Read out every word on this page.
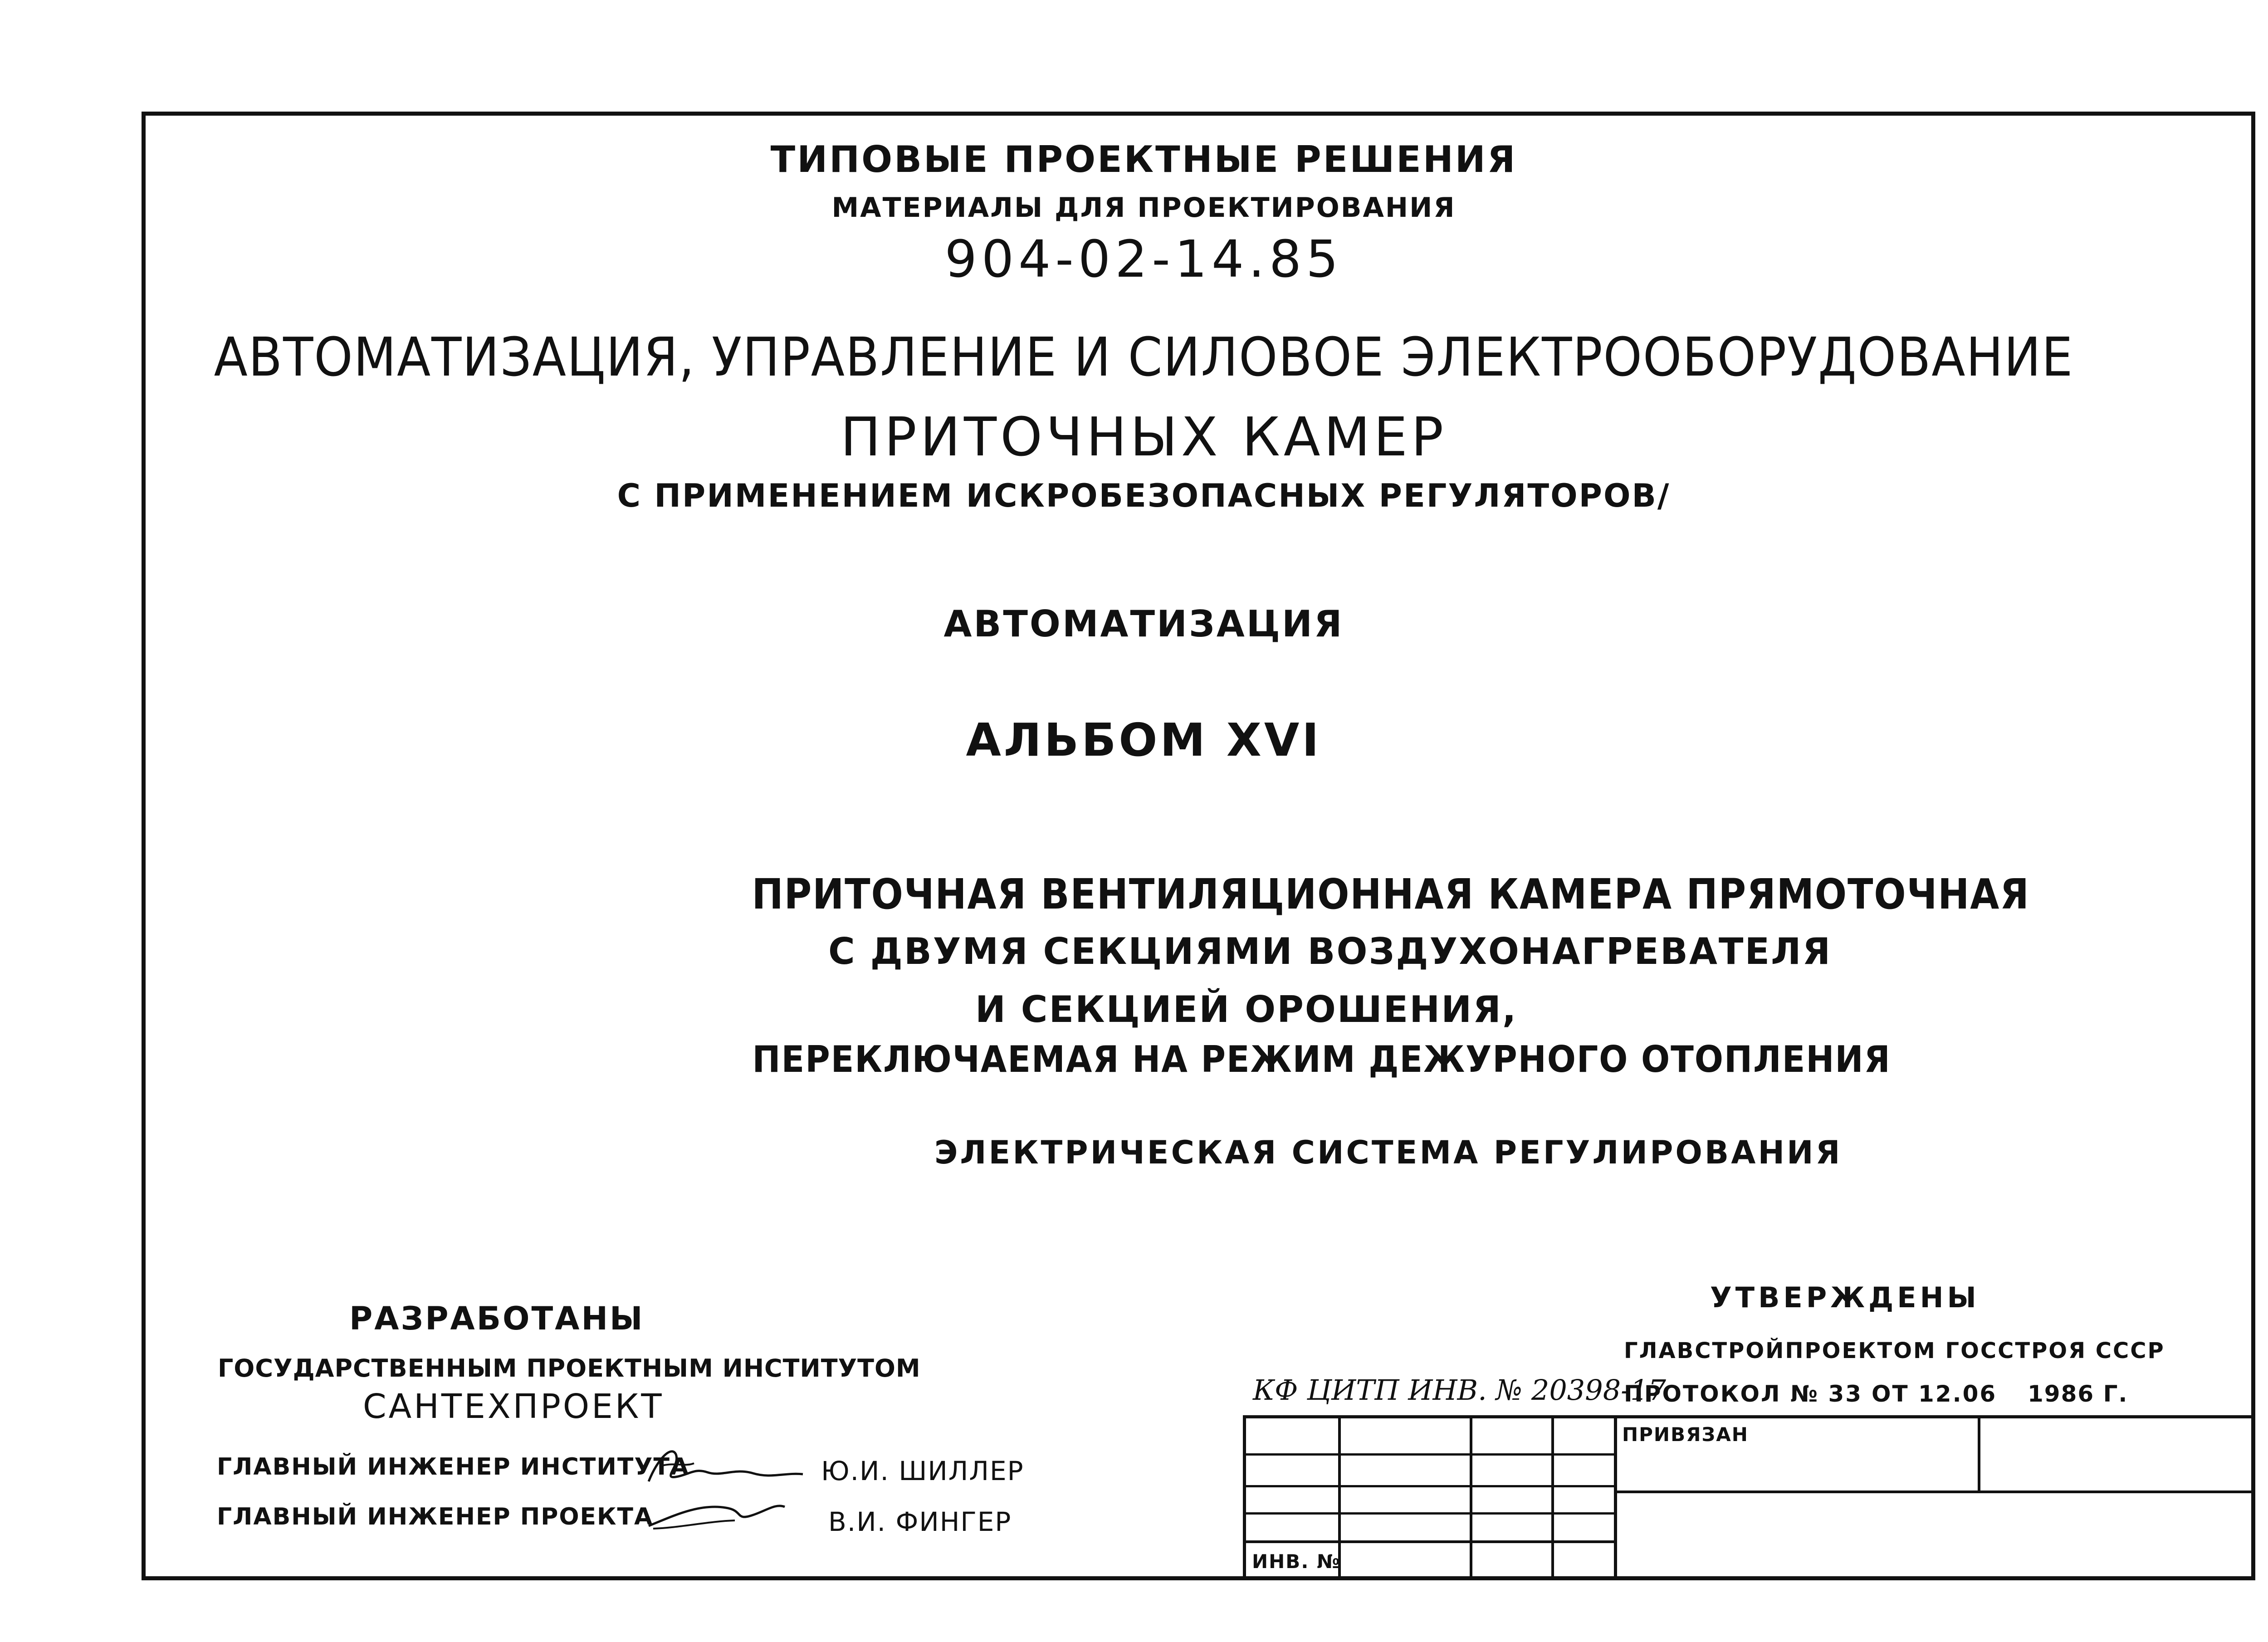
ТИПОВЫЕ ПРОЕКТНЫЕ РЕШЕНИЯ
МАТЕРИАЛЫ ДЛЯ ПРОЕКТИРОВАНИЯ
904-02-14.85
АВТОМАТИЗАЦИЯ, УПРАВЛЕНИЕ И СИЛОВОЕ ЭЛЕКТРООБОРУДОВАНИЕ
ПРИТОЧНЫХ КАМЕР
С ПРИМЕНЕНИЕМ ИСКРОБЕЗОПАСНЫХ РЕГУЛЯТОРОВ/
АВТОМАТИЗАЦИЯ
АЛЬБОМ XVI
ПРИТОЧНАЯ ВЕНТИЛЯЦИОННАЯ КАМЕРА ПРЯМОТОЧНАЯ
С ДВУМЯ СЕКЦИЯМИ ВОЗДУХОНАГРЕВАТЕЛЯ
И СЕКЦИЕЙ ОРОШЕНИЯ,
ПЕРЕКЛЮЧАЕМАЯ НА РЕЖИМ ДЕЖУРНОГО ОТОПЛЕНИЯ
ЭЛЕКТРИЧЕСКАЯ СИСТЕМА РЕГУЛИРОВАНИЯ
РАЗРАБОТАНЫ
ГОСУДАРСТВЕННЫМ ПРОЕКТНЫМ ИНСТИТУТОМ
САНТЕХПРОЕКТ
ГЛАВНЫЙ ИНЖЕНЕР ИНСТИТУТА	Ю.И. ШИЛЛЕР
ГЛАВНЫЙ ИНЖЕНЕР ПРОЕКТА	В.И. ФИНГЕР
УТВЕРЖДЕНЫ
ГЛАВСТРОЙПРОЕКТОМ ГОССТРОЯ СССР
ПРОТОКОЛ № 33 ОТ 12.06 1986 Г.
КФ ЦИТП ИНВ. № 20398-17
ПРИВЯЗАН
ИНВ. №
